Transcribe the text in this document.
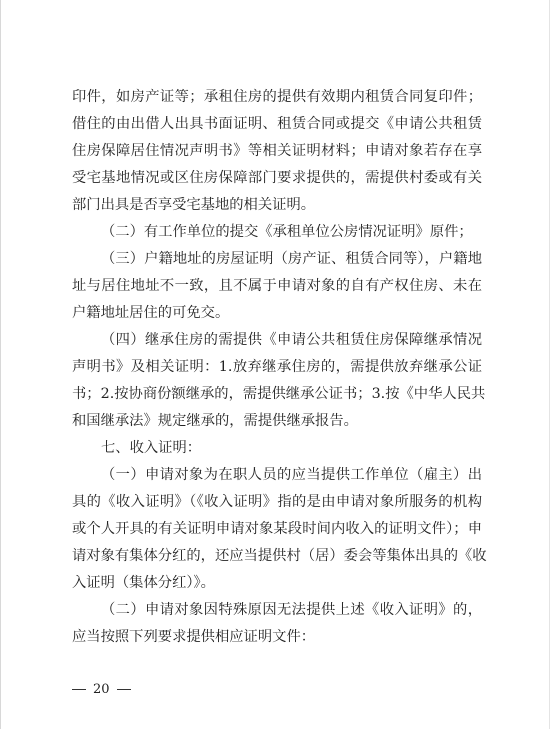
印件，如房产证等；承租住房的提供有效期内租赁合同复印件；
借住的由出借人出具书面证明、租赁合同或提交《申请公共租赁
住房保障居住情况声明书》等相关证明材料；申请对象若存在享
受宅基地情况或区住房保障部门要求提供的，需提供村委或有关
部门出具是否享受宅基地的相关证明。
（二）有工作单位的提交《承租单位公房情况证明》原件；
（三）户籍地址的房屋证明（房产证、租赁合同等），户籍地
址与居住地址不一致，且不属于申请对象的自有产权住房、未在
户籍地址居住的可免交。
（四）继承住房的需提供《申请公共租赁住房保障继承情况
声明书》及相关证明：1.放弃继承住房的，需提供放弃继承公证
书；2.按协商份额继承的，需提供继承公证书；3.按《中华人民共
和国继承法》规定继承的，需提供继承报告。
七、收入证明：
（一）申请对象为在职人员的应当提供工作单位（雇主）出
具的《收入证明》（《收入证明》指的是由申请对象所服务的机构
或个人开具的有关证明申请对象某段时间内收入的证明文件）；申
请对象有集体分红的，还应当提供村（居）委会等集体出具的《收
入证明（集体分红）》。
（二）申请对象因特殊原因无法提供上述《收入证明》的，
应当按照下列要求提供相应证明文件：
20
